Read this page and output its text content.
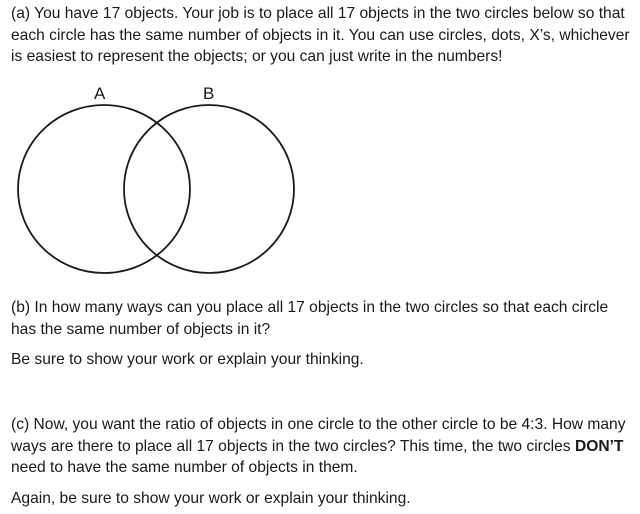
(a) You have 17 objects. Your job is to place all 17 objects in the two circles below so that each circle has the same number of objects in it. You can use circles, dots, X’s, whichever is easiest to represent the objects; or you can just write in the numbers!

A	B

(b) In how many ways can you place all 17 objects in the two circles so that each circle has the same number of objects in it?

Be sure to show your work or explain your thinking.

(c) Now, you want the ratio of objects in one circle to the other circle to be 4:3. How many ways are there to place all 17 objects in the two circles? This time, the two circles DON’T need to have the same number of objects in them.

Again, be sure to show your work or explain your thinking.
